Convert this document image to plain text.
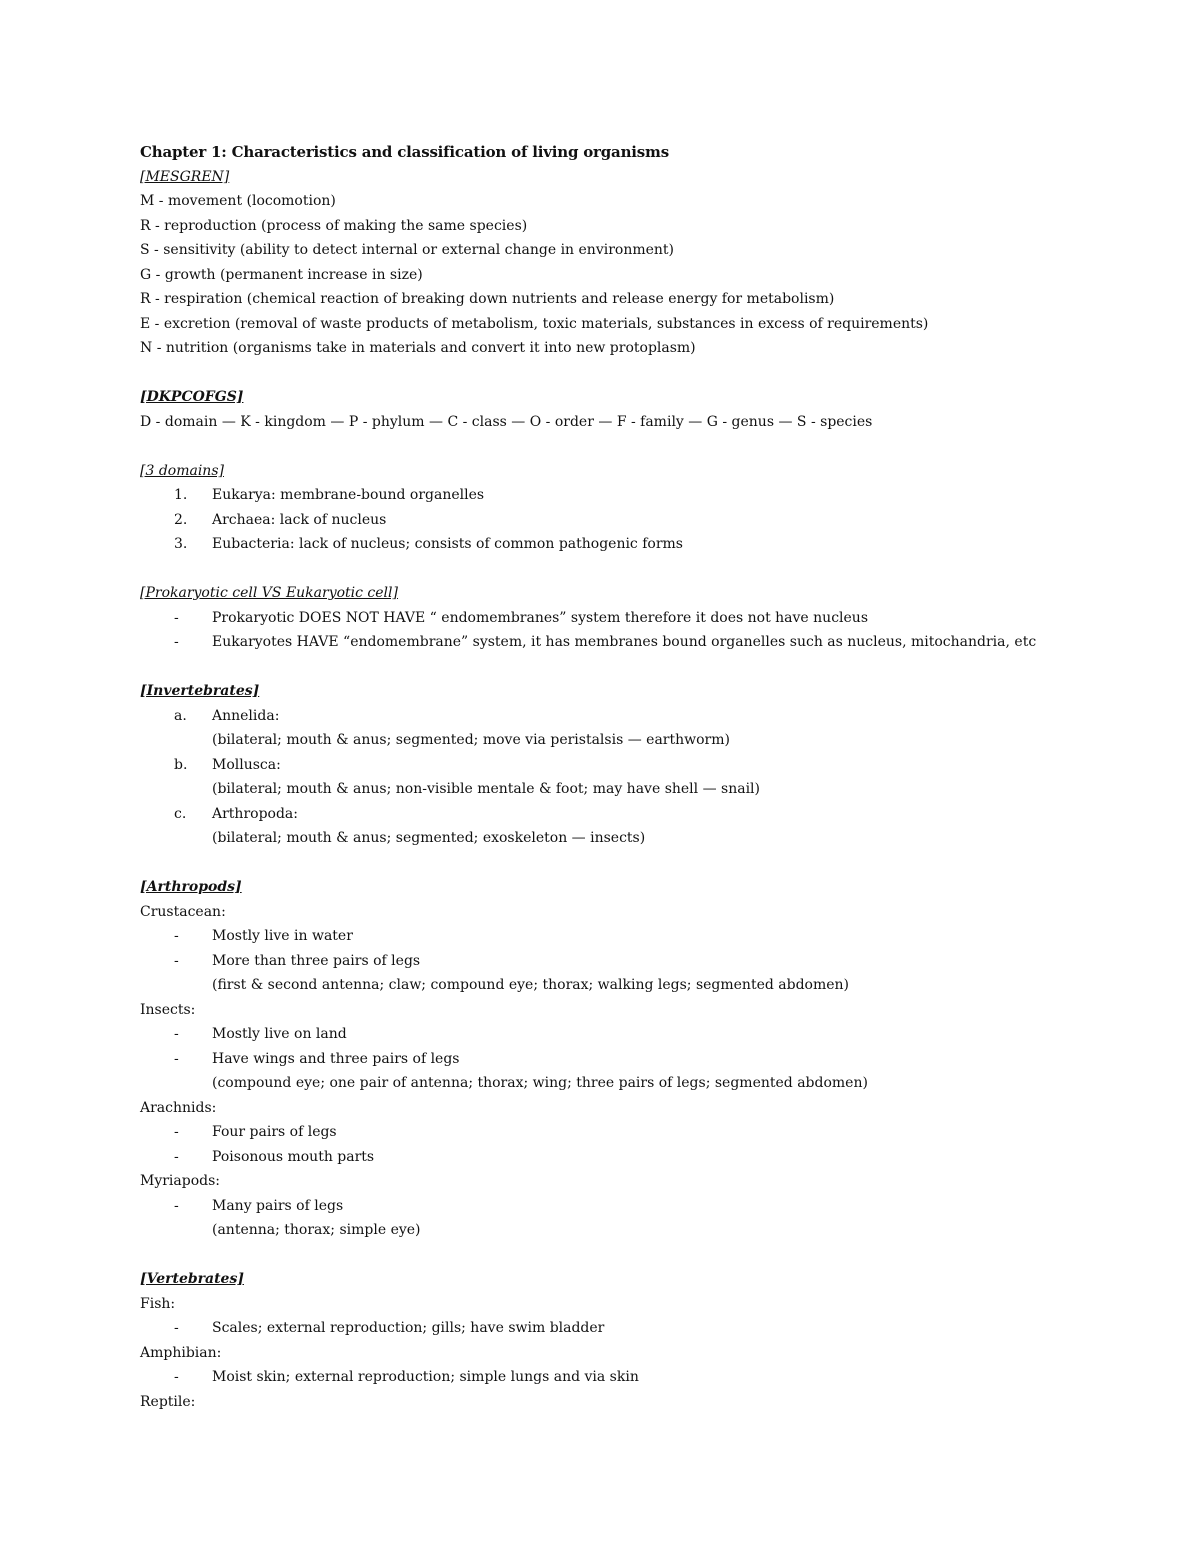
Chapter 1: Characteristics and classification of living organisms
[MESGREN]
M - movement (locomotion)
R - reproduction (process of making the same species)
S - sensitivity (ability to detect internal or external change in environment)
G - growth (permanent increase in size)
R - respiration (chemical reaction of breaking down nutrients and release energy for metabolism)
E - excretion (removal of waste products of metabolism, toxic materials, substances in excess of requirements)
N - nutrition (organisms take in materials and convert it into new protoplasm)
[DKPCOFGS]
D - domain — K - kingdom — P - phylum — C - class — O - order — F - family — G - genus — S - species
[3 domains]
1. Eukarya: membrane-bound organelles
2. Archaea: lack of nucleus
3. Eubacteria: lack of nucleus; consists of common pathogenic forms
[Prokaryotic cell VS Eukaryotic cell]
- Prokaryotic DOES NOT HAVE “ endomembranes” system therefore it does not have nucleus
- Eukaryotes HAVE “endomembrane” system, it has membranes bound organelles such as nucleus, mitochandria, etc
[Invertebrates]
a. Annelida:
(bilateral; mouth & anus; segmented; move via peristalsis — earthworm)
b. Mollusca:
(bilateral; mouth & anus; non-visible mentale & foot; may have shell — snail)
c. Arthropoda:
(bilateral; mouth & anus; segmented; exoskeleton — insects)
[Arthropods]
Crustacean:
- Mostly live in water
- More than three pairs of legs
(first & second antenna; claw; compound eye; thorax; walking legs; segmented abdomen)
Insects:
- Mostly live on land
- Have wings and three pairs of legs
(compound eye; one pair of antenna; thorax; wing; three pairs of legs; segmented abdomen)
Arachnids:
- Four pairs of legs
- Poisonous mouth parts
Myriapods:
- Many pairs of legs
(antenna; thorax; simple eye)
[Vertebrates]
Fish:
- Scales; external reproduction; gills; have swim bladder
Amphibian:
- Moist skin; external reproduction; simple lungs and via skin
Reptile:
